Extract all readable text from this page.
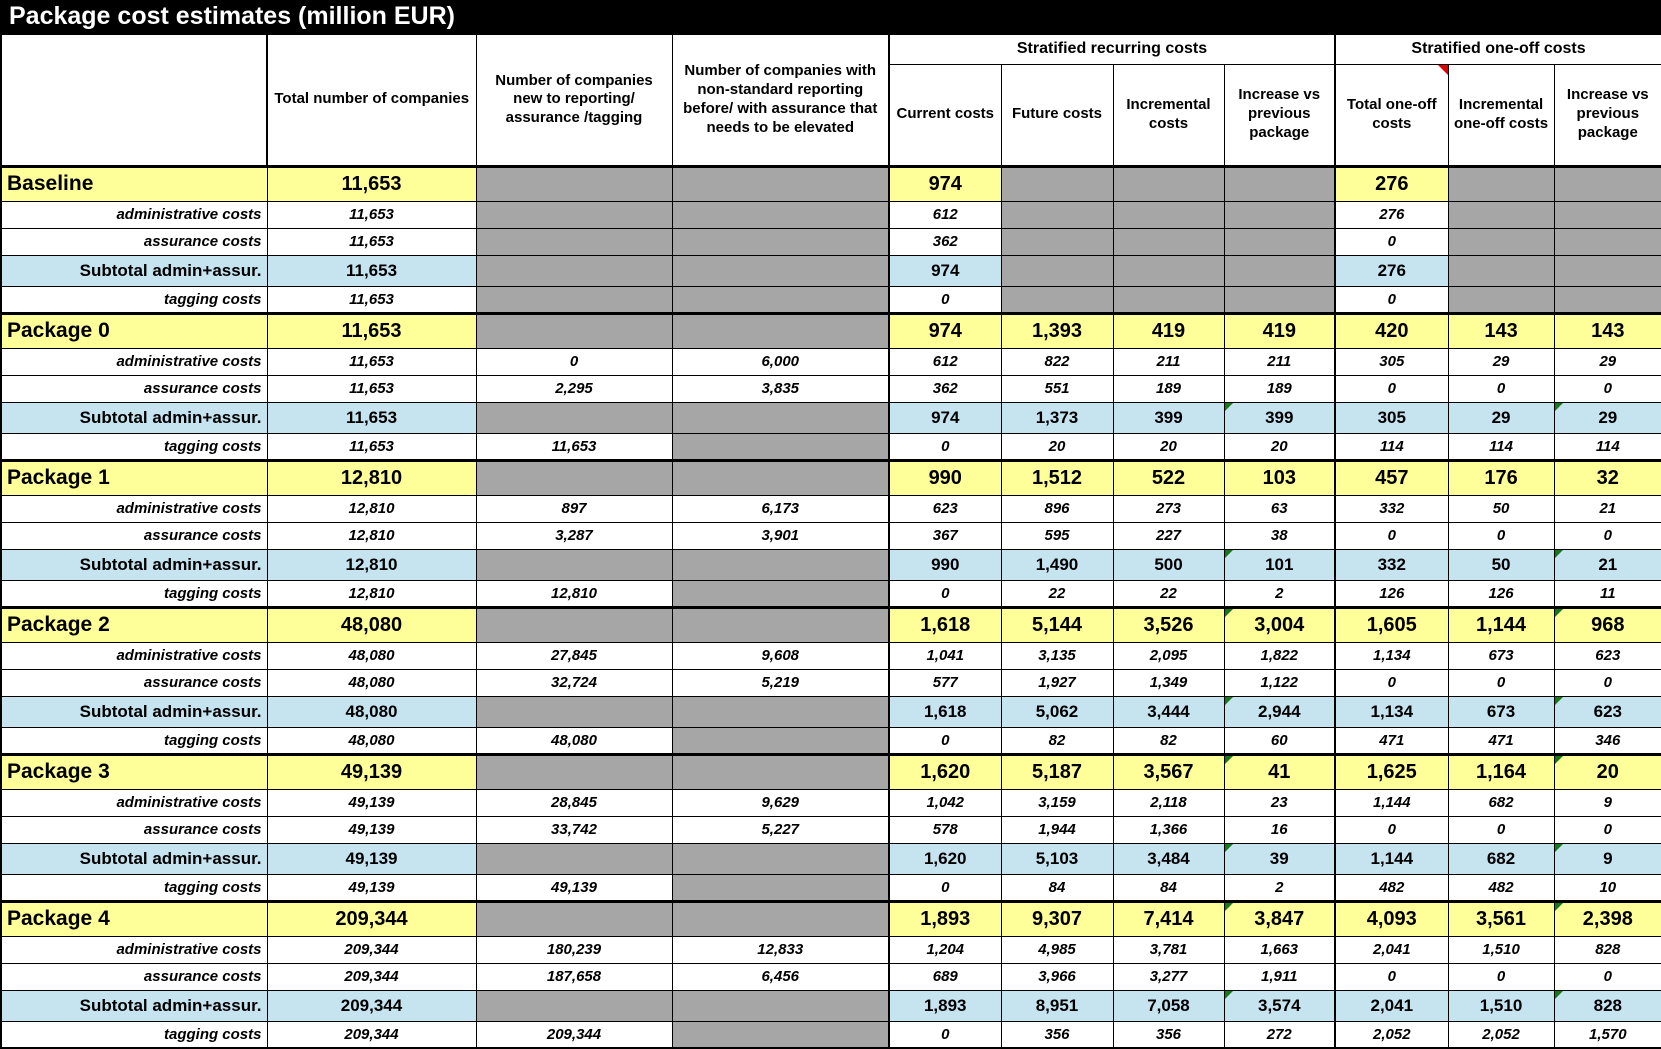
Package cost estimates (million EUR)
	Total number of companies	Number of companies new to reporting/ assurance /tagging	Number of companies with non-standard reporting before/ with assurance that needs to be elevated	Stratified recurring costs				Stratified one-off costs		
				Current costs	Future costs	Incremental costs	Increase vs previous package	Total one-off costs	Incremental one-off costs	Increase vs previous package
Baseline	11,653			974				276		
administrative costs	11,653			612				276		
assurance costs	11,653			362				0		
Subtotal admin+assur.	11,653			974				276		
tagging costs	11,653			0				0		
Package 0	11,653			974	1,393	419	419	420	143	143
administrative costs	11,653	0	6,000	612	822	211	211	305	29	29
assurance costs	11,653	2,295	3,835	362	551	189	189	0	0	0
Subtotal admin+assur.	11,653			974	1,373	399	399	305	29	29

tagging costs	11,653	11,653		0	20	20	20	114	114	114
Package 1	12,810			990	1,512	522	103	457	176	32
administrative costs	12,810	897	6,173	623	896	273	63	332	50	21
assurance costs	12,810	3,287	3,901	367	595	227	38	0	0	0
Subtotal admin+assur.	12,810			990	1,490	500	101	332	50	21

tagging costs	12,810	12,810		0	22	22	2	126	126	11
Package 2	48,080			1,618	5,144	3,526	3,004	1,605	1,144	968

administrative costs	48,080	27,845	9,608	1,041	3,135	2,095	1,822	1,134	673	623
assurance costs	48,080	32,724	5,219	577	1,927	1,349	1,122	0	0	0
Subtotal admin+assur.	48,080			1,618	5,062	3,444	2,944	1,134	673	623

tagging costs	48,080	48,080		0	82	82	60	471	471	346
Package 3	49,139			1,620	5,187	3,567	41	1,625	1,164	20

administrative costs	49,139	28,845	9,629	1,042	3,159	2,118	23	1,144	682	9
assurance costs	49,139	33,742	5,227	578	1,944	1,366	16	0	0	0
Subtotal admin+assur.	49,139			1,620	5,103	3,484	39	1,144	682	9

tagging costs	49,139	49,139		0	84	84	2	482	482	10
Package 4	209,344			1,893	9,307	7,414	3,847	4,093	3,561	2,398

administrative costs	209,344	180,239	12,833	1,204	4,985	3,781	1,663	2,041	1,510	828
assurance costs	209,344	187,658	6,456	689	3,966	3,277	1,911	0	0	0
Subtotal admin+assur.	209,344			1,893	8,951	7,058	3,574	2,041	1,510	828

tagging costs	209,344	209,344		0	356	356	272	2,052	2,052	1,570
